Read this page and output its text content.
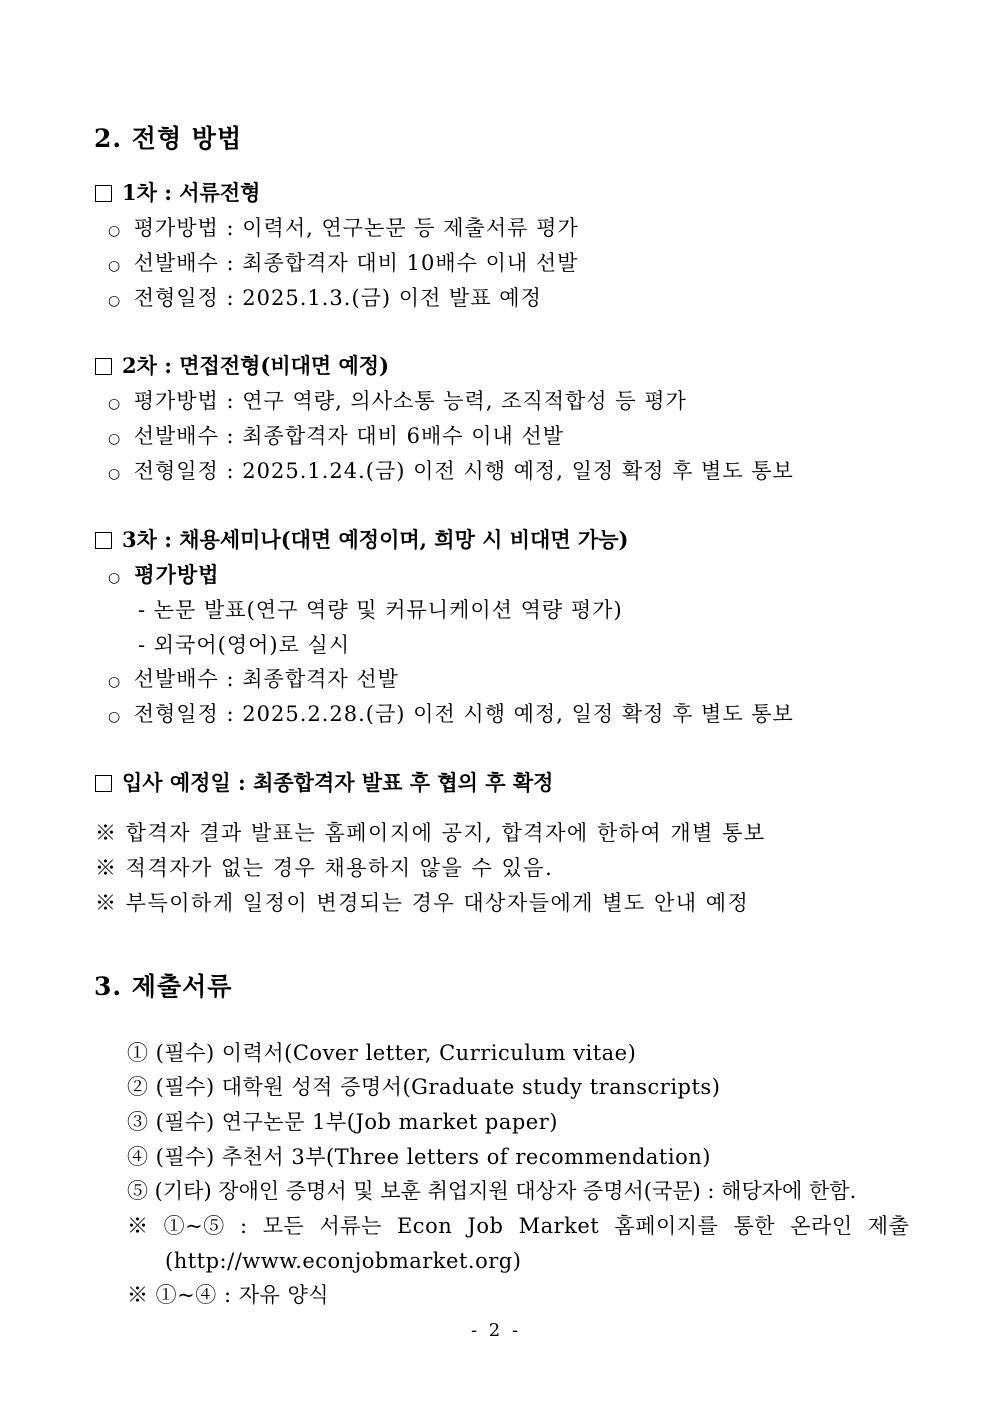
2. 전형 방법
1차 : 서류전형
○ 평가방법 : 이력서, 연구논문 등 제출서류 평가
○ 선발배수 : 최종합격자 대비 10배수 이내 선발
○ 전형일정 : 2025.1.3.(금) 이전 발표 예정
2차 : 면접전형(비대면 예정)
○ 평가방법 : 연구 역량, 의사소통 능력, 조직적합성 등 평가
○ 선발배수 : 최종합격자 대비 6배수 이내 선발
○ 전형일정 : 2025.1.24.(금) 이전 시행 예정, 일정 확정 후 별도 통보
3차 : 채용세미나(대면 예정이며, 희망 시 비대면 가능)
○ 평가방법
- 논문 발표(연구 역량 및 커뮤니케이션 역량 평가)
- 외국어(영어)로 실시
○ 선발배수 : 최종합격자 선발
○ 전형일정 : 2025.2.28.(금) 이전 시행 예정, 일정 확정 후 별도 통보
입사 예정일 : 최종합격자 발표 후 협의 후 확정
※ 합격자 결과 발표는 홈페이지에 공지, 합격자에 한하여 개별 통보
※ 적격자가 없는 경우 채용하지 않을 수 있음.
※ 부득이하게 일정이 변경되는 경우 대상자들에게 별도 안내 예정
3. 제출서류
① (필수) 이력서(Cover letter, Curriculum vitae)
② (필수) 대학원 성적 증명서(Graduate study transcripts)
③ (필수) 연구논문 1부(Job market paper)
④ (필수) 추천서 3부(Three letters of recommendation)
⑤ (기타) 장애인 증명서 및 보훈 취업지원 대상자 증명서(국문) : 해당자에 한함.
※ ①~⑤ : 모든 서류는 Econ Job Market 홈페이지를 통한 온라인 제출
(http://www.econjobmarket.org)
※ ①~④ : 자유 양식
- 2 -
